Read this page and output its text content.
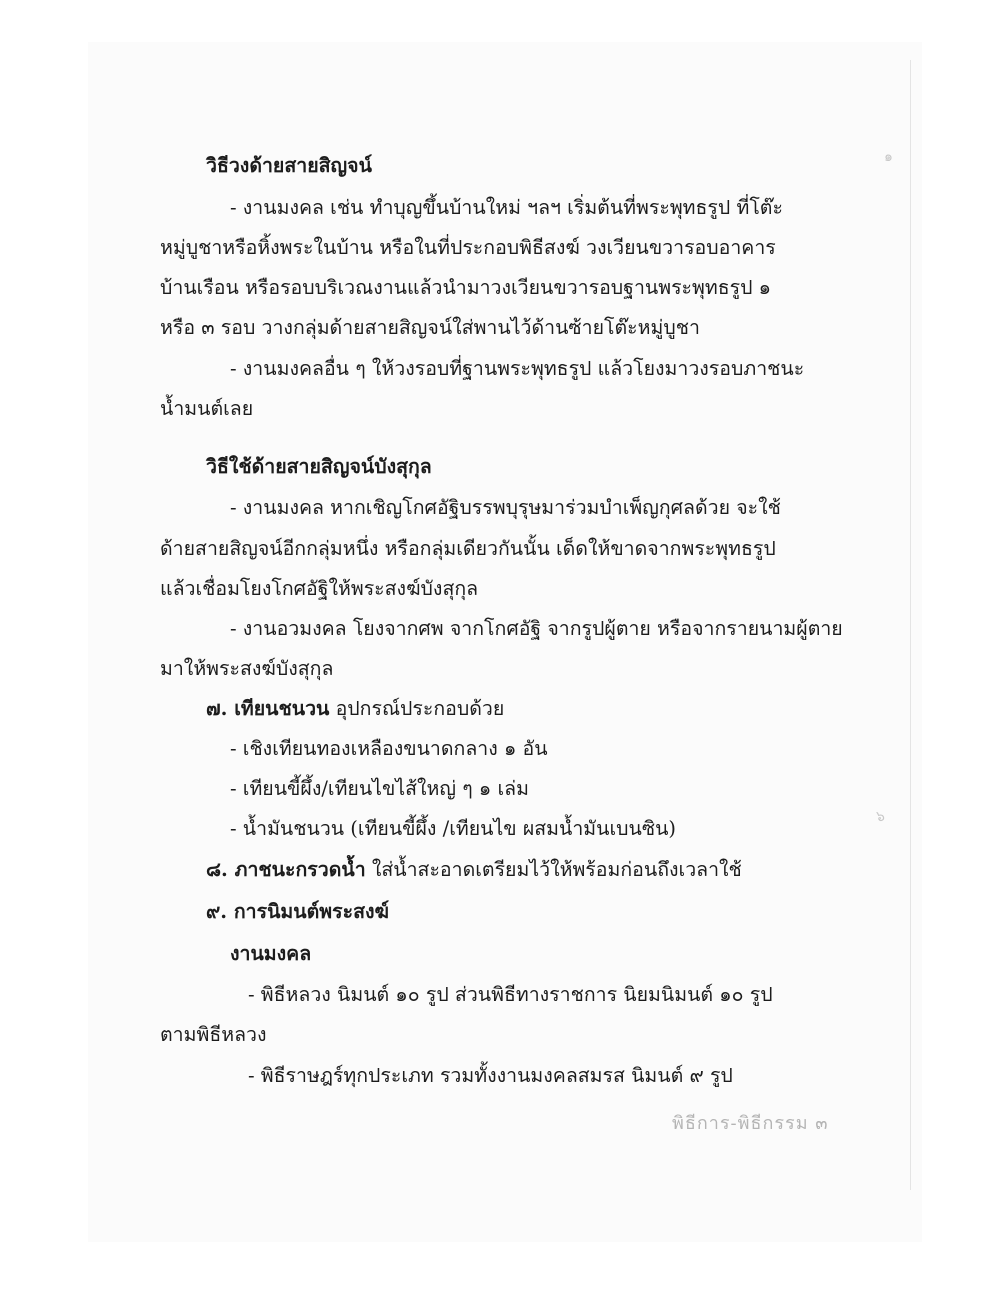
วิธีวงด้ายสายสิญจน์
- งานมงคล เช่น ทำบุญขึ้นบ้านใหม่ ฯลฯ เริ่มต้นที่พระพุทธรูป ที่โต๊ะ
หมู่บูชาหรือหิ้งพระในบ้าน หรือในที่ประกอบพิธีสงฆ์ วงเวียนขวารอบอาคาร
บ้านเรือน หรือรอบบริเวณงานแล้วนำมาวงเวียนขวารอบฐานพระพุทธรูป ๑
หรือ ๓ รอบ วางกลุ่มด้ายสายสิญจน์ใส่พานไว้ด้านซ้ายโต๊ะหมู่บูชา
- งานมงคลอื่น ๆ ให้วงรอบที่ฐานพระพุทธรูป แล้วโยงมาวงรอบภาชนะ
น้ำมนต์เลย
วิธีใช้ด้ายสายสิญจน์บังสุกุล
- งานมงคล หากเชิญโกศอัฐิบรรพบุรุษมาร่วมบำเพ็ญกุศลด้วย จะใช้
ด้ายสายสิญจน์อีกกลุ่มหนึ่ง หรือกลุ่มเดียวกันนั้น เด็ดให้ขาดจากพระพุทธรูป
แล้วเชื่อมโยงโกศอัฐิให้พระสงฆ์บังสุกุล
- งานอวมงคล โยงจากศพ จากโกศอัฐิ จากรูปผู้ตาย หรือจากรายนามผู้ตาย
มาให้พระสงฆ์บังสุกุล
๗. เทียนชนวน อุปกรณ์ประกอบด้วย
- เชิงเทียนทองเหลืองขนาดกลาง ๑ อัน
- เทียนขี้ผึ้ง/เทียนไขไส้ใหญ่ ๆ ๑ เล่ม
- น้ำมันชนวน (เทียนขี้ผึ้ง /เทียนไข ผสมน้ำมันเบนซิน)
๘. ภาชนะกรวดน้ำ ใส่น้ำสะอาดเตรียมไว้ให้พร้อมก่อนถึงเวลาใช้
๙. การนิมนต์พระสงฆ์
งานมงคล
- พิธีหลวง นิมนต์ ๑๐ รูป ส่วนพิธีทางราชการ นิยมนิมนต์ ๑๐ รูป
ตามพิธีหลวง
- พิธีราษฎร์ทุกประเภท รวมทั้งงานมงคลสมรส นิมนต์ ๙ รูป
พิธีการ-พิธีกรรม ๓
๑
๖
